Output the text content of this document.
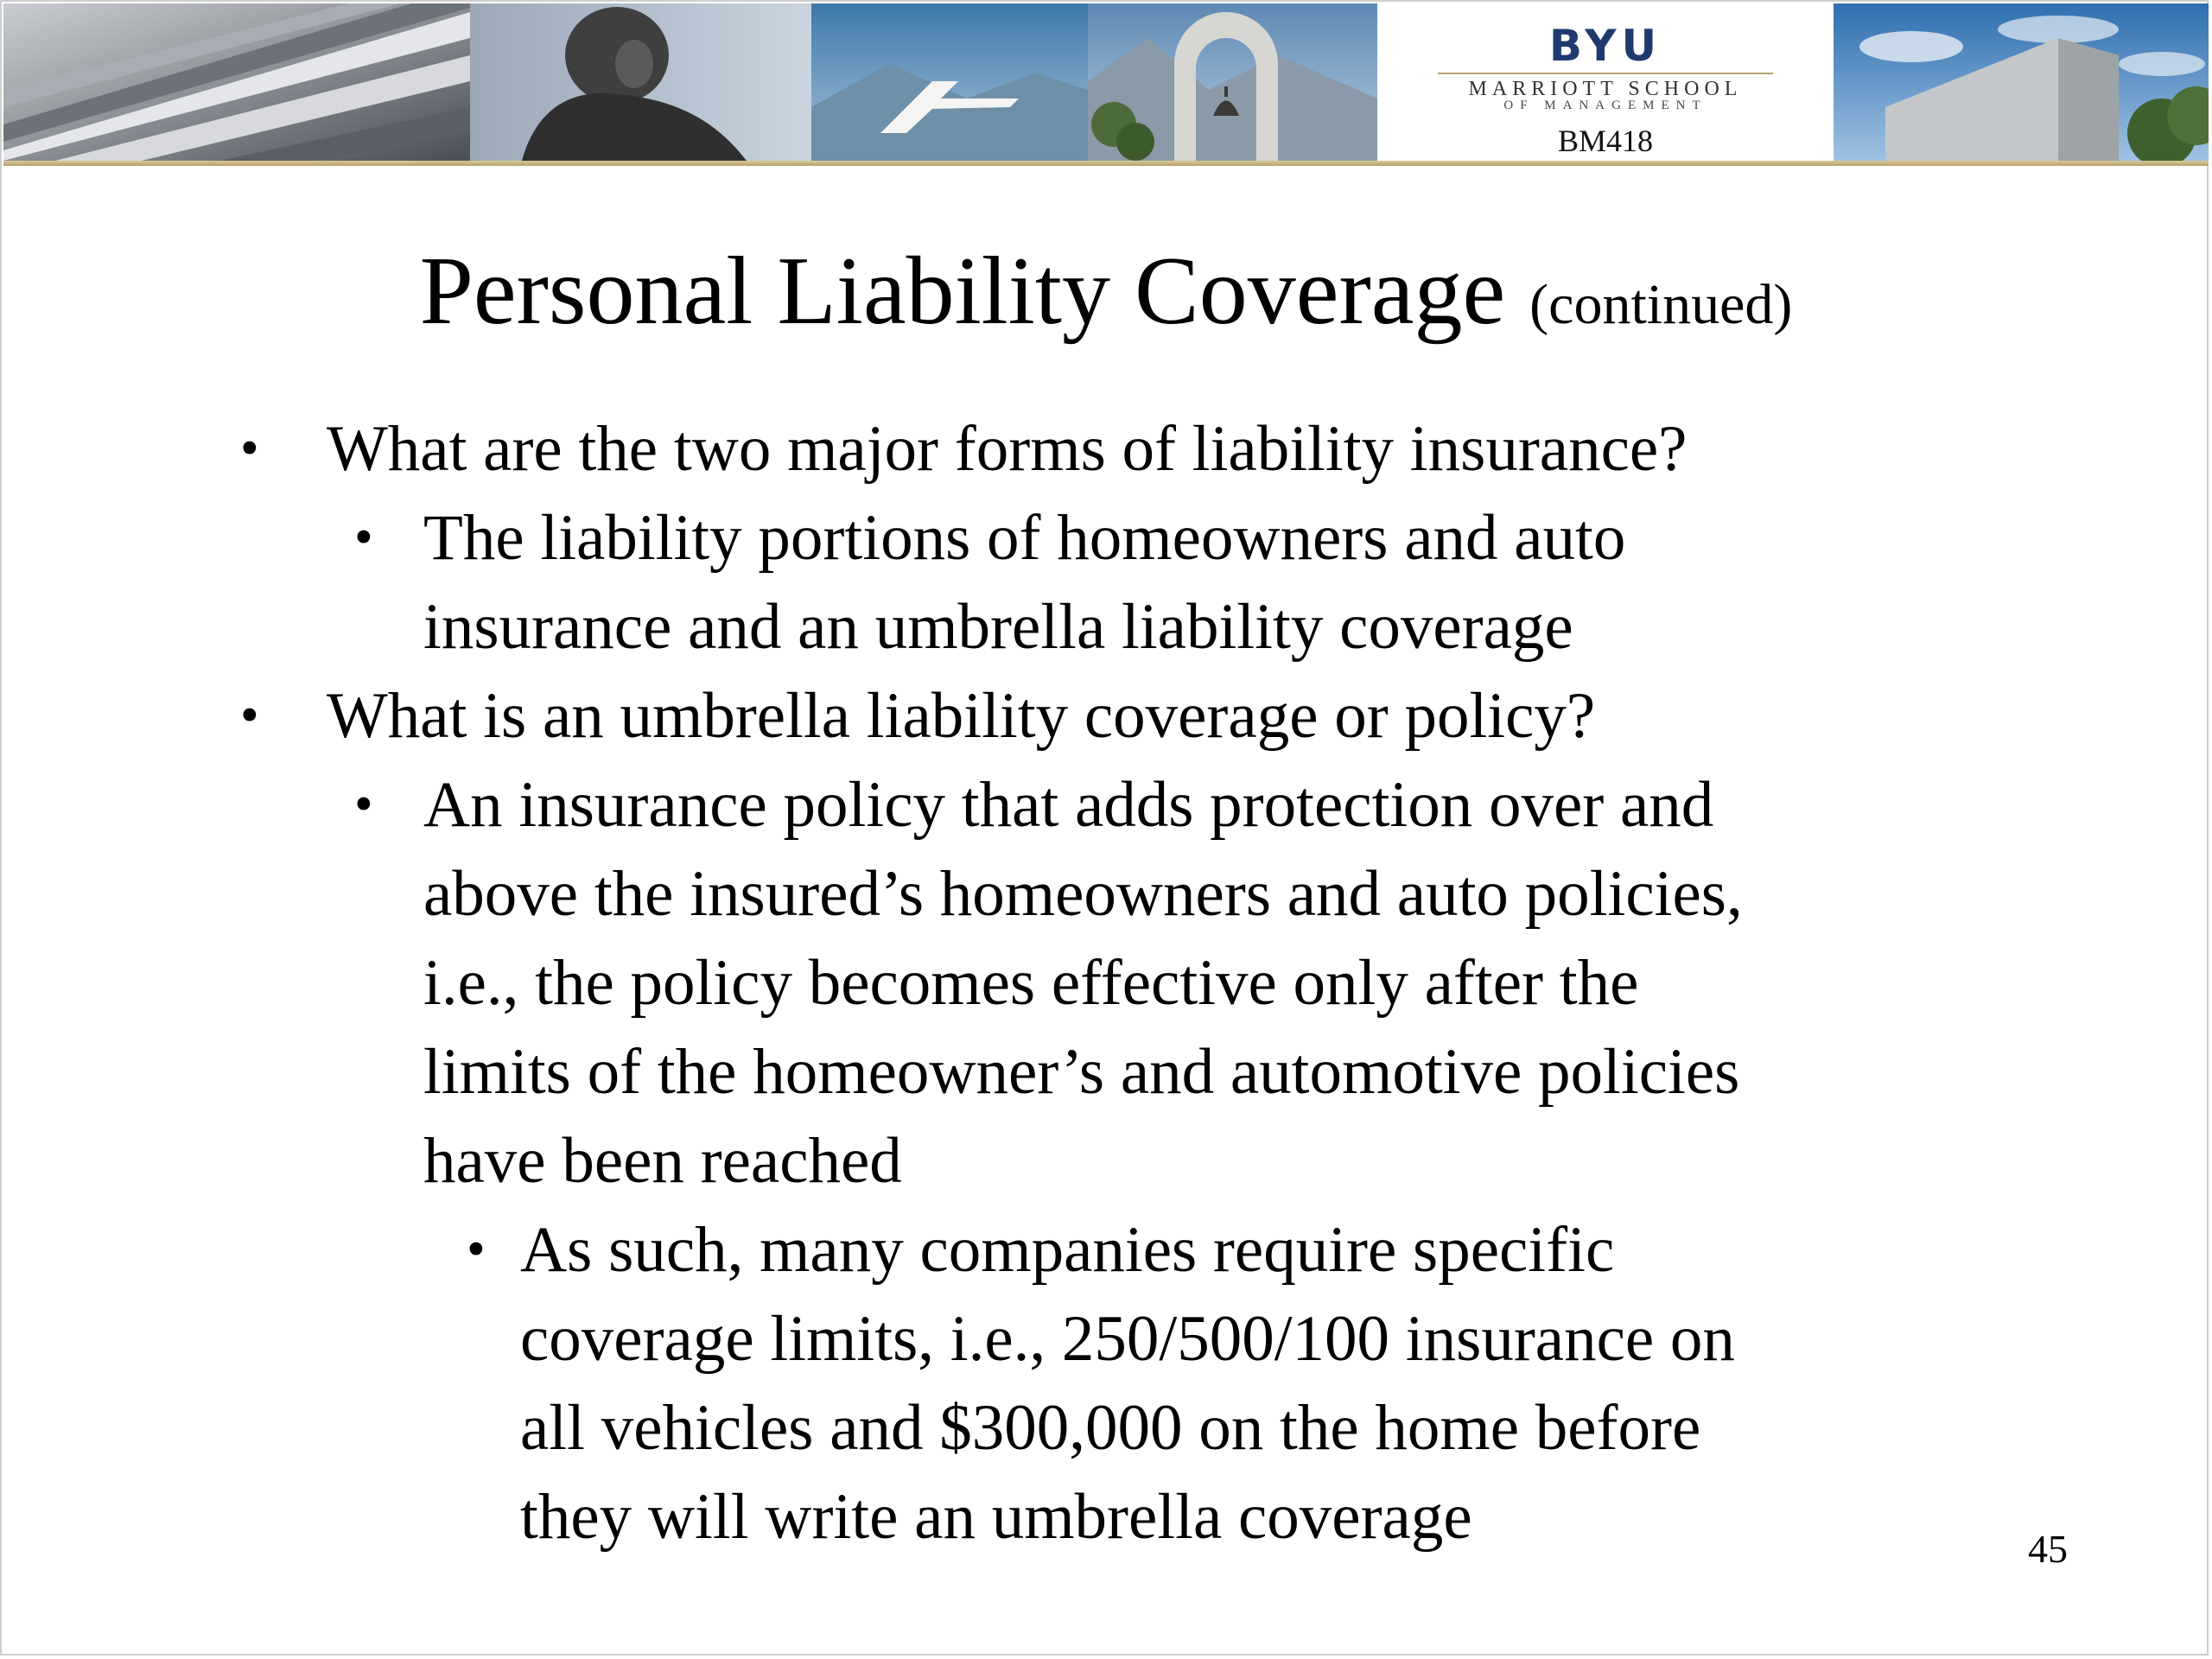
BYU
MARRIOTT SCHOOL
OF MANAGEMENT
BM418
Personal Liability Coverage (continued)
• What are the two major forms of liability insurance?
• The liability portions of homeowners and auto
insurance and an umbrella liability coverage
• What is an umbrella liability coverage or policy?
• An insurance policy that adds protection over and
above the insured’s homeowners and auto policies,
i.e., the policy becomes effective only after the
limits of the homeowner’s and automotive policies
have been reached
• As such, many companies require specific
coverage limits, i.e., 250/500/100 insurance on
all vehicles and $300,000 on the home before
they will write an umbrella coverage	45
